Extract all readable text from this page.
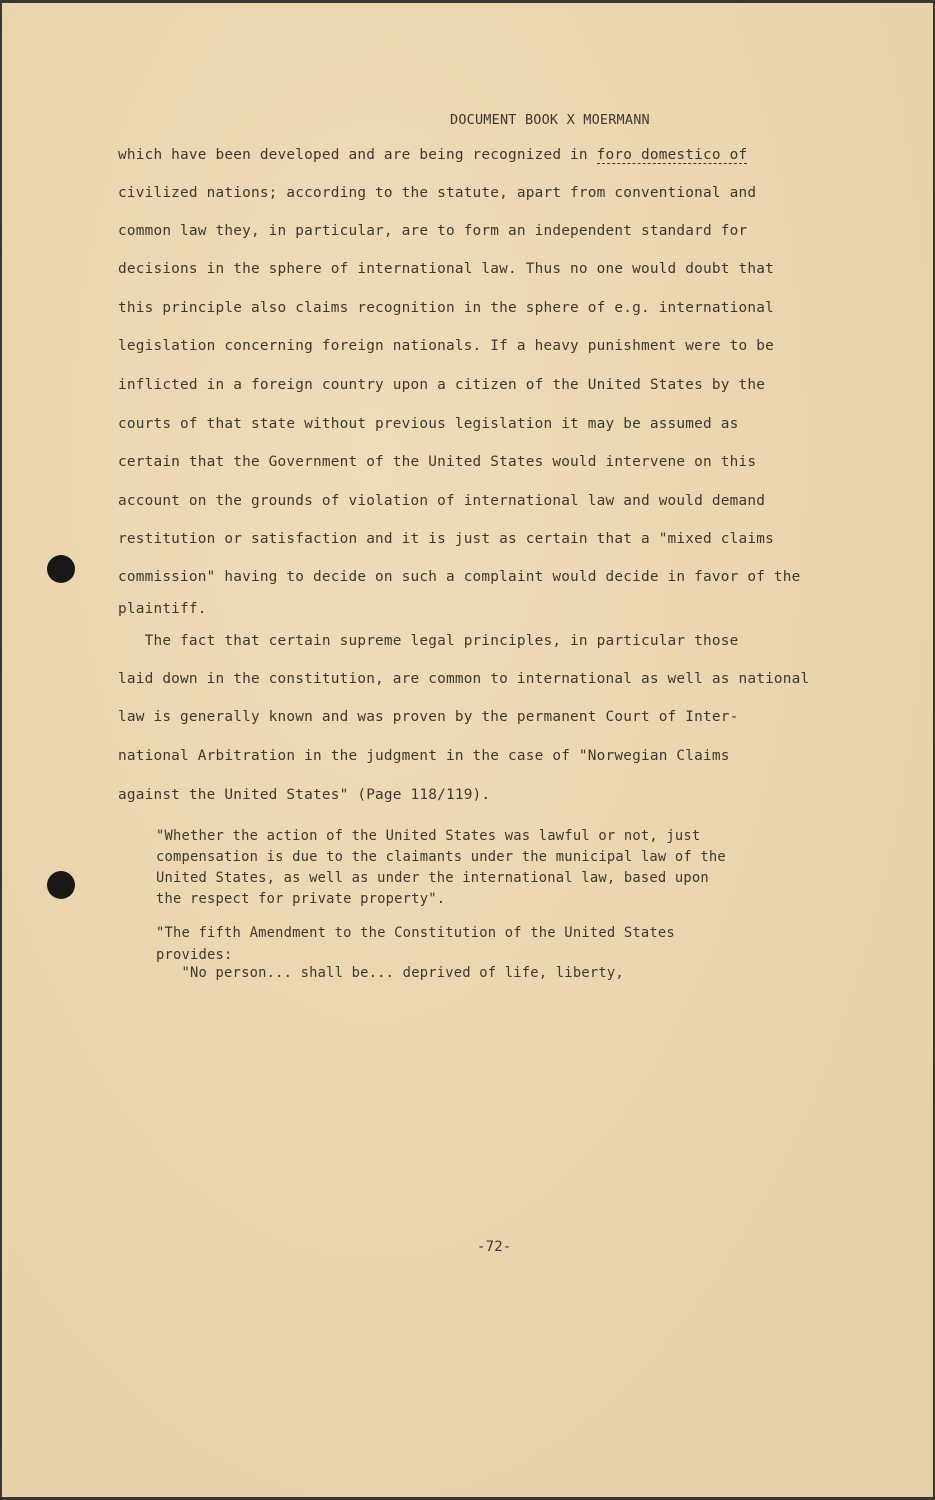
DOCUMENT BOOK X MOERMANN
which have been developed and are being recognized in foro domestico of
civilized nations; according to the statute, apart from conventional and
common law they, in particular, are to form an independent standard for
decisions in the sphere of international law. Thus no one would doubt that
this principle also claims recognition in the sphere of e.g. international
legislation concerning foreign nationals. If a heavy punishment were to be
inflicted in a foreign country upon a citizen of the United States by the
courts of that state without previous legislation it may be assumed as
certain that the Government of the United States would intervene on this
account on the grounds of violation of international law and would demand
restitution or satisfaction and it is just as certain that a "mixed claims
commission" having to decide on such a complaint would decide in favor of the
plaintiff.
The fact that certain supreme legal principles, in particular those
laid down in the constitution, are common to international as well as national
law is generally known and was proven by the permanent Court of Inter-
national Arbitration in the judgment in the case of "Norwegian Claims
against the United States" (Page 118/119).
"Whether the action of the United States was lawful or not, just
compensation is due to the claimants under the municipal law of the
United States, as well as under the international law, based upon
the respect for private property".
"The fifth Amendment to the Constitution of the United States
provides:
"No person... shall be... deprived of life, liberty,
-72-
